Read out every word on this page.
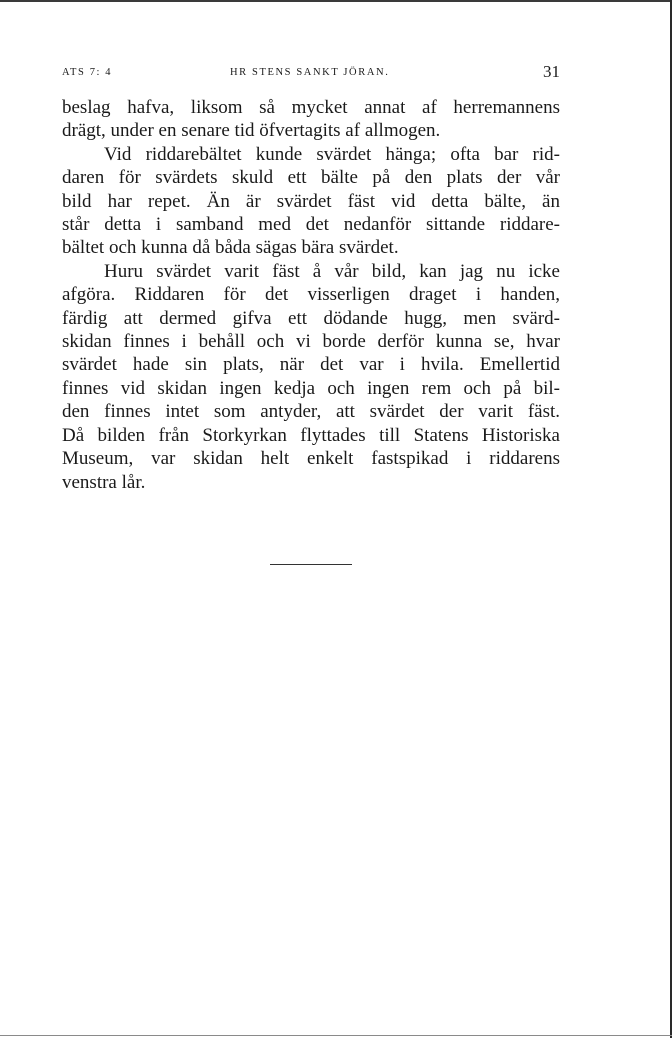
ATS 7: 4	HR STENS SANKT JÖRAN.	31
beslag hafva, liksom så mycket annat af herremannens
drägt, under en senare tid öfvertagits af allmogen.
Vid riddarebältet kunde svärdet hänga; ofta bar rid-
daren för svärdets skuld ett bälte på den plats der vår
bild har repet. Än är svärdet fäst vid detta bälte, än
står detta i samband med det nedanför sittande riddare-
bältet och kunna då båda sägas bära svärdet.
Huru svärdet varit fäst å vår bild, kan jag nu icke
afgöra. Riddaren för det visserligen draget i handen,
färdig att dermed gifva ett dödande hugg, men svärd-
skidan finnes i behåll och vi borde derför kunna se, hvar
svärdet hade sin plats, när det var i hvila. Emellertid
finnes vid skidan ingen kedja och ingen rem och på bil-
den finnes intet som antyder, att svärdet der varit fäst.
Då bilden från Storkyrkan flyttades till Statens Historiska
Museum, var skidan helt enkelt fastspikad i riddarens
venstra lår.
